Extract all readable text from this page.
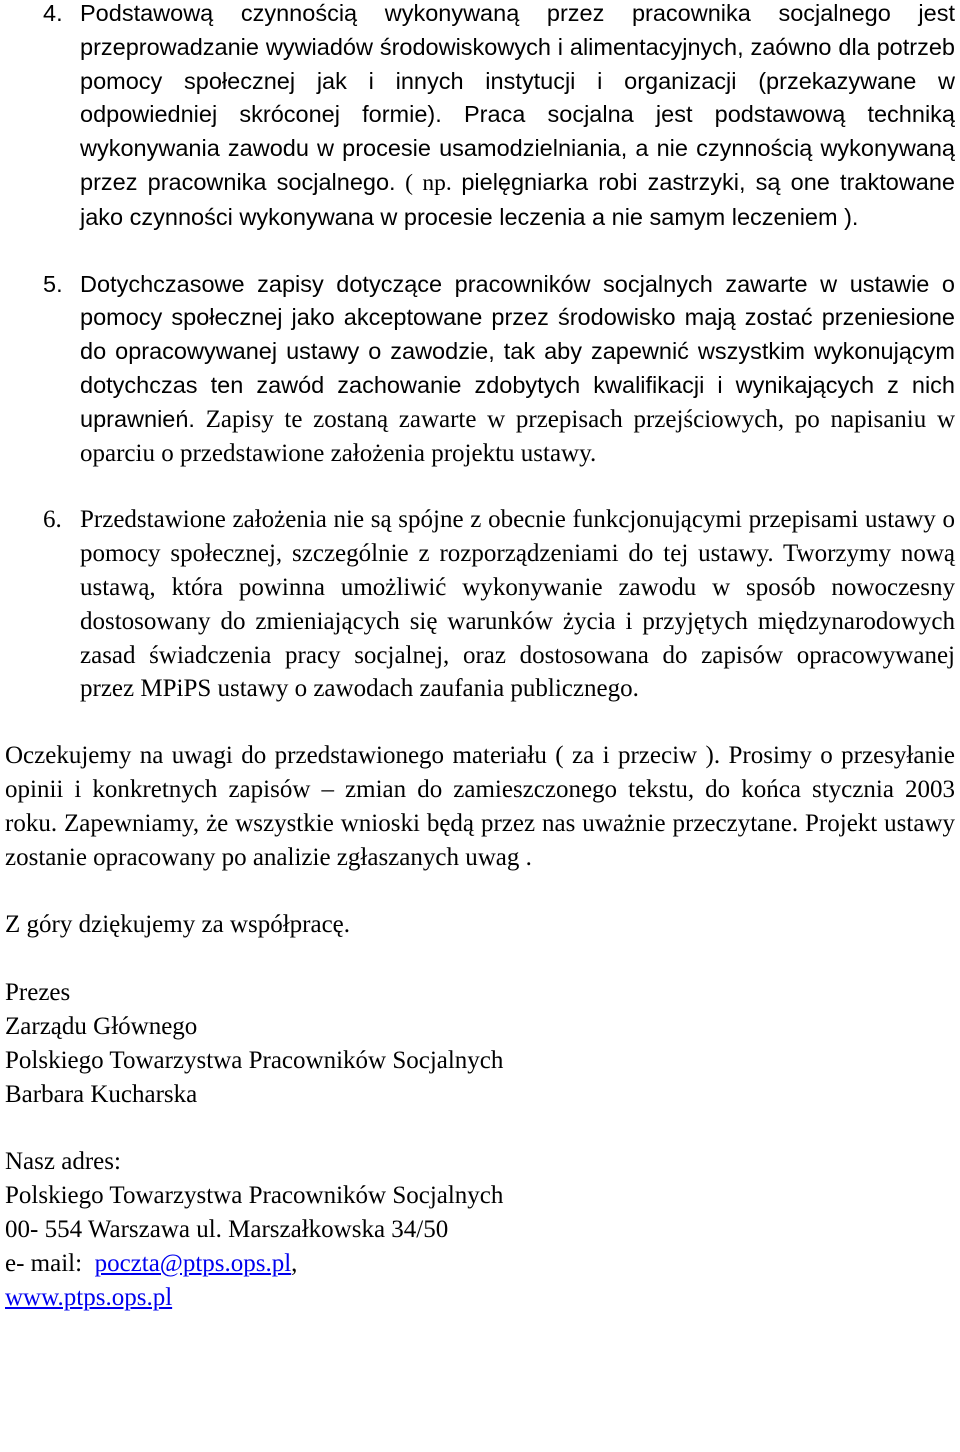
4. Podstawową czynnością wykonywaną przez pracownika socjalnego jest przeprowadzanie wywiadów środowiskowych i alimentacyjnych, zaówno dla potrzeb pomocy społecznej jak i innych instytucji i organizacji (przekazywane w odpowiedniej skróconej formie). Praca socjalna jest podstawową techniką wykonywania zawodu w procesie usamodzielniania, a nie czynnością wykonywaną przez pracownika socjalnego. ( np. pielęgniarka robi zastrzyki, są one traktowane jako czynności wykonywana w procesie leczenia a nie samym leczeniem ).
5. Dotychczasowe zapisy dotyczące pracowników socjalnych zawarte w ustawie o pomocy społecznej jako akceptowane przez środowisko mają zostać przeniesione do opracowywanej ustawy o zawodzie, tak aby zapewnić wszystkim wykonującym dotychczas ten zawód zachowanie zdobytych kwalifikacji i wynikających z nich uprawnień. Zapisy te zostaną zawarte w przepisach przejściowych, po napisaniu w oparciu o przedstawione założenia projektu ustawy.
6. Przedstawione założenia nie są spójne z obecnie funkcjonującymi przepisami ustawy o pomocy społecznej, szczególnie z rozporządzeniami do tej ustawy. Tworzymy nową ustawą, która powinna umożliwić wykonywanie zawodu w sposób nowoczesny dostosowany do zmieniających się warunków życia i przyjętych międzynarodowych zasad świadczenia pracy socjalnej, oraz dostosowana do zapisów opracowywanej przez MPiPS ustawy o zawodach zaufania publicznego.
Oczekujemy na uwagi do przedstawionego materiału ( za i przeciw ). Prosimy o przesyłanie opinii i konkretnych zapisów – zmian do zamieszczonego tekstu, do końca stycznia 2003 roku. Zapewniamy, że wszystkie wnioski będą przez nas uważnie przeczytane. Projekt ustawy zostanie opracowany po analizie zgłaszanych uwag .
Z góry dziękujemy za współpracę.
Prezes
Zarządu Głównego
Polskiego Towarzystwa Pracowników Socjalnych
Barbara Kucharska
Nasz adres:
Polskiego Towarzystwa Pracowników Socjalnych
00- 554 Warszawa ul. Marszałkowska 34/50
e- mail:  poczta@ptps.ops.pl,
www.ptps.ops.pl
